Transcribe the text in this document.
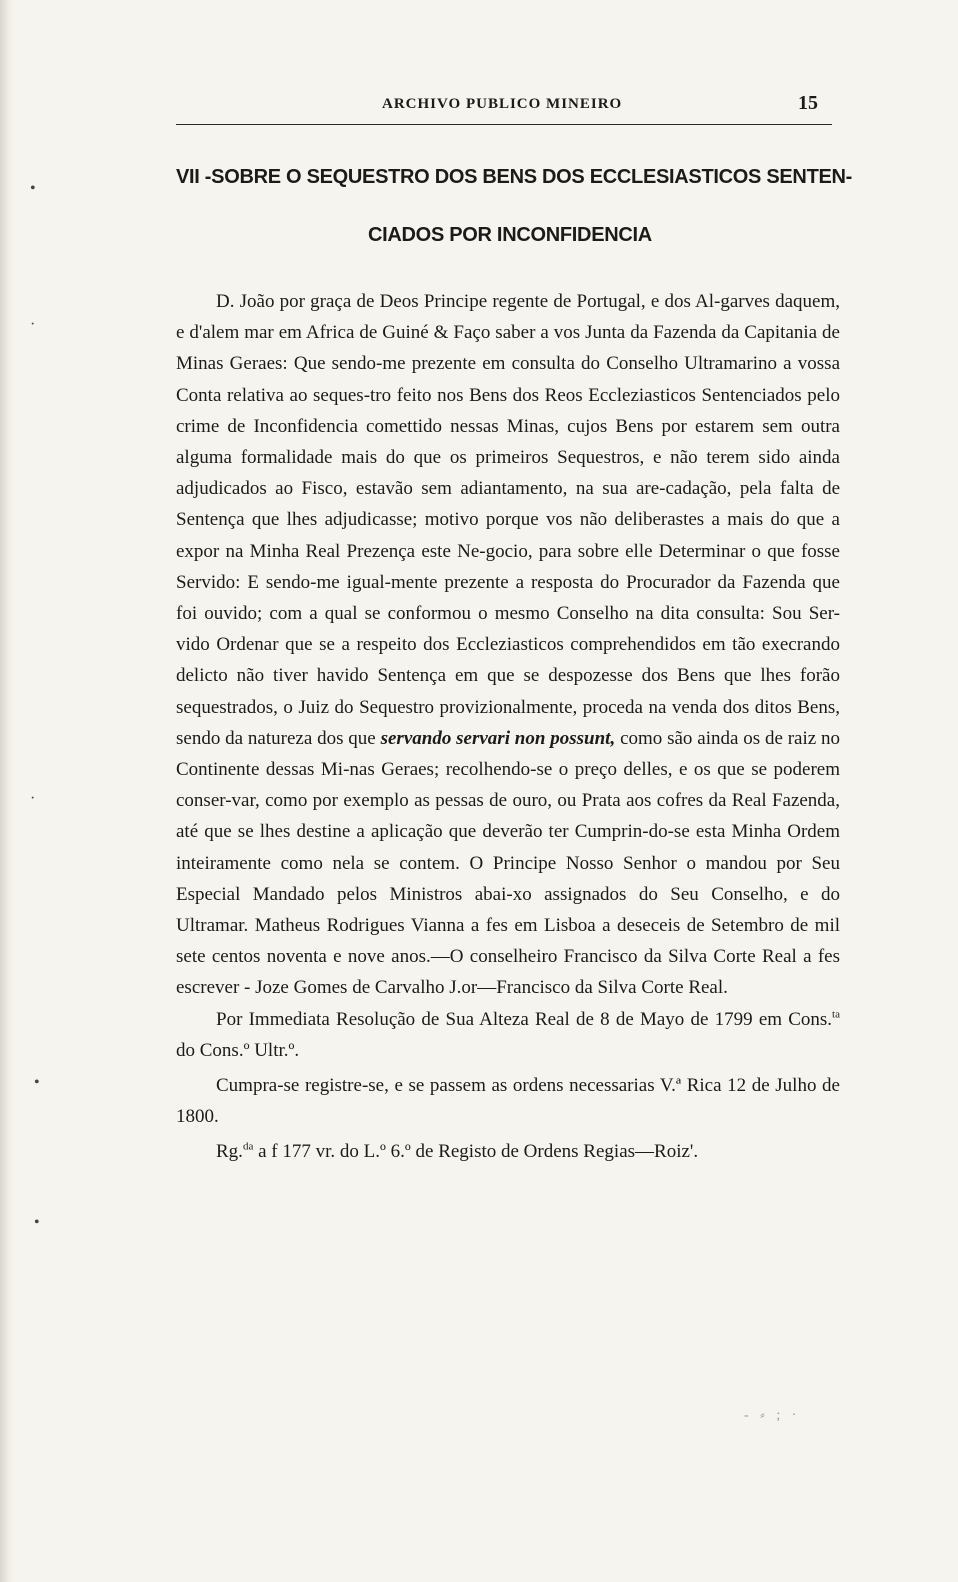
•
·
·
•
•
ARCHIVO PUBLICO MINEIRO	15
VII -SOBRE O SEQUESTRO DOS BENS DOS ECCLESIASTICOS SENTEN-
CIADOS POR INCONFIDENCIA

D. João por graça de Deos Principe regente de Portugal, e dos Al-garves daquem, e d'alem mar em Africa de Guiné & Faço saber a vos Junta da Fazenda da Capitania de Minas Geraes: Que sendo-me prezente em consulta do Conselho Ultramarino a vossa Conta relativa ao seques-tro feito nos Bens dos Reos Eccleziasticos Sentenciados pelo crime de Inconfidencia comettido nessas Minas, cujos Bens por estarem sem outra alguma formalidade mais do que os primeiros Sequestros, e não terem sido ainda adjudicados ao Fisco, estavão sem adiantamento, na sua are-cadação, pela falta de Sentença que lhes adjudicasse; motivo porque vos não deliberastes a mais do que a expor na Minha Real Prezença este Ne-gocio, para sobre elle Determinar o que fosse Servido: E sendo-me igual-mente prezente a resposta do Procurador da Fazenda que foi ouvido; com a qual se conformou o mesmo Conselho na dita consulta: Sou Ser-vido Ordenar que se a respeito dos Eccleziasticos comprehendidos em tão execrando delicto não tiver havido Sentença em que se despozesse dos Bens que lhes forão sequestrados, o Juiz do Sequestro provizionalmente, proceda na venda dos ditos Bens, sendo da natureza dos que servando servari non possunt, como são ainda os de raiz no Continente dessas Mi-nas Geraes; recolhendo-se o preço delles, e os que se poderem conser-var, como por exemplo as pessas de ouro, ou Prata aos cofres da Real Fazenda, até que se lhes destine a aplicação que deverão ter Cumprin-do-se esta Minha Ordem inteiramente como nela se contem. O Principe Nosso Senhor o mandou por Seu Especial Mandado pelos Ministros abai-xo assignados do Seu Conselho, e do Ultramar. Matheus Rodrigues Vianna a fes em Lisboa a deseceis de Setembro de mil sete centos noventa e nove anos.—O conselheiro Francisco da Silva Corte Real a fes escrever - Joze Gomes de Carvalho J.or—Francisco da Silva Corte Real.

Por Immediata Resolução de Sua Alteza Real de 8 de Mayo de 1799 em Cons.$^{ta}$ do Cons.º Ultr.º.

Cumpra-se registre-se, e se passem as ordens necessarias V.ª Rica 12 de Julho de 1800.

Rg.$^{da}$ a f 177 vr. do L.º 6.º de Registo de Ordens Regias—Roiz'.

- ⸗ ; ·
